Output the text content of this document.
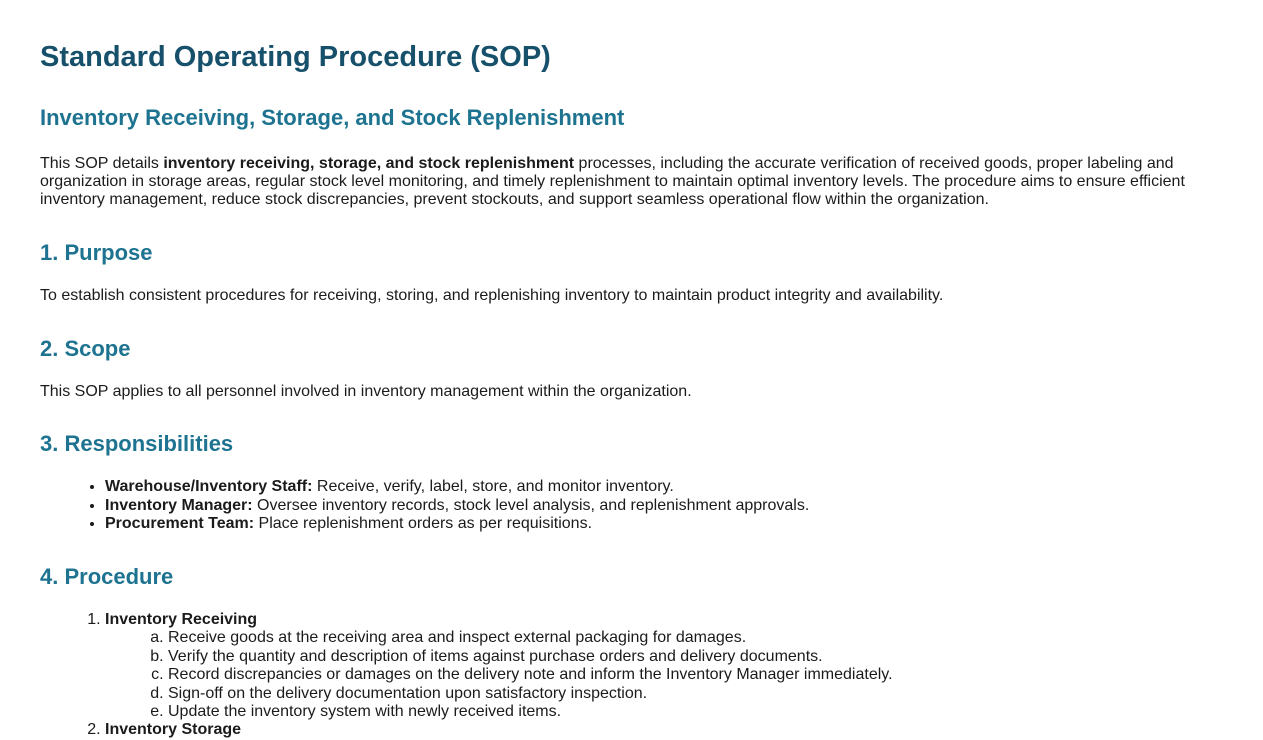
Standard Operating Procedure (SOP)
Inventory Receiving, Storage, and Stock Replenishment

This SOP details inventory receiving, storage, and stock replenishment processes, including the accurate verification of received goods, proper labeling and organization in storage areas, regular stock level monitoring, and timely replenishment to maintain optimal inventory levels. The procedure aims to ensure efficient inventory management, reduce stock discrepancies, prevent stockouts, and support seamless operational flow within the organization.

1. Purpose

To establish consistent procedures for receiving, storing, and replenishing inventory to maintain product integrity and availability.

2. Scope

This SOP applies to all personnel involved in inventory management within the organization.

3. Responsibilities
• Warehouse/Inventory Staff: Receive, verify, label, store, and monitor inventory.
• Inventory Manager: Oversee inventory records, stock level analysis, and replenishment approvals.
• Procurement Team: Place replenishment orders as per requisitions.
4. Procedure
1. Inventory Receiving
a. Receive goods at the receiving area and inspect external packaging for damages.
b. Verify the quantity and description of items against purchase orders and delivery documents.
c. Record discrepancies or damages on the delivery note and inform the Inventory Manager immediately.
d. Sign-off on the delivery documentation upon satisfactory inspection.
e. Update the inventory system with newly received items.
2. Inventory Storage
